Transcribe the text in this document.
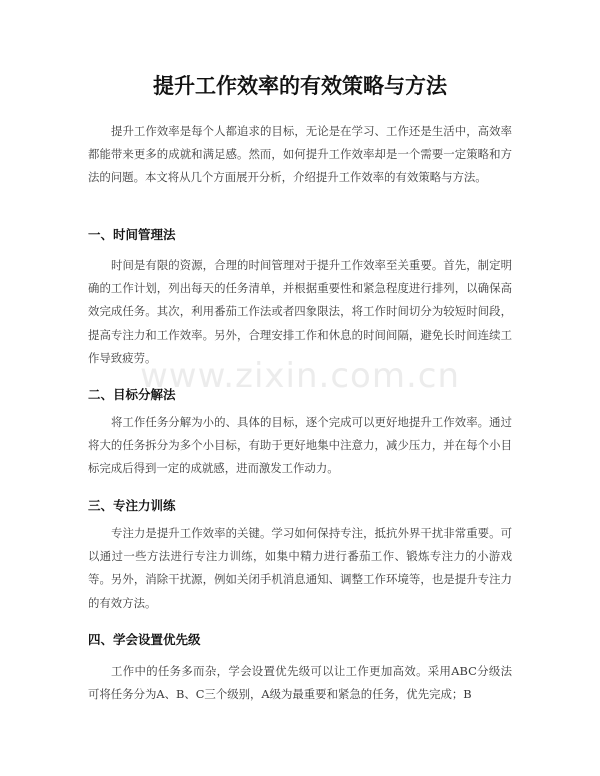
www.zixin.com.cn
提升工作效率的有效策略与方法

提升工作效率是每个人都追求的目标，无论是在学习、工作还是生活中，高效率都能带来更多的成就和满足感。然而，如何提升工作效率却是一个需要一定策略和方法的问题。本文将从几个方面展开分析，介绍提升工作效率的有效策略与方法。

一、时间管理法

时间是有限的资源，合理的时间管理对于提升工作效率至关重要。首先，制定明确的工作计划，列出每天的任务清单，并根据重要性和紧急程度进行排列，以确保高效完成任务。其次，利用番茄工作法或者四象限法，将工作时间切分为较短时间段，提高专注力和工作效率。另外，合理安排工作和休息的时间间隔，避免长时间连续工作导致疲劳。

二、目标分解法

将工作任务分解为小的、具体的目标，逐个完成可以更好地提升工作效率。通过将大的任务拆分为多个小目标，有助于更好地集中注意力，减少压力，并在每个小目标完成后得到一定的成就感，进而激发工作动力。

三、专注力训练

专注力是提升工作效率的关键。学习如何保持专注，抵抗外界干扰非常重要。可以通过一些方法进行专注力训练，如集中精力进行番茄工作、锻炼专注力的小游戏等。另外，消除干扰源，例如关闭手机消息通知、调整工作环境等，也是提升专注力的有效方法。

四、学会设置优先级

工作中的任务多而杂，学会设置优先级可以让工作更加高效。采用ABC分级法可将任务分为A、B、C三个级别，A级为最重要和紧急的任务，优先完成；B
